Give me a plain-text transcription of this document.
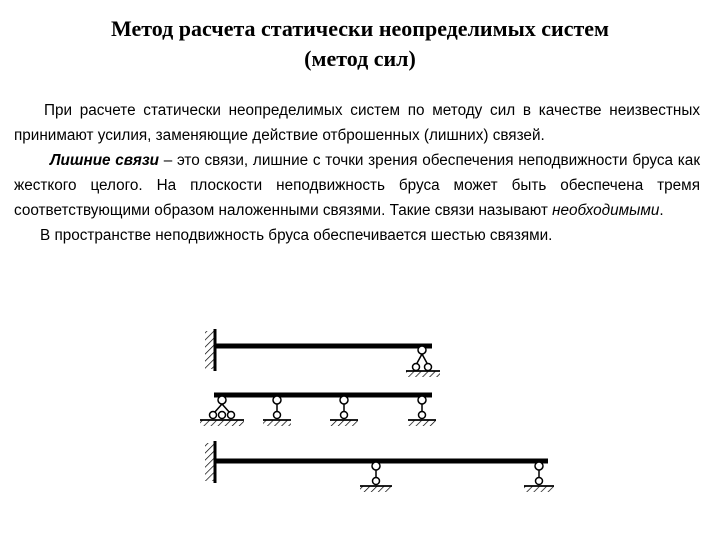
Метод расчета статически неопределимых систем
(метод сил)

При расчете статически неопределимых систем по методу сил в качестве неизвестных принимают усилия, заменяющие действие отброшенных (лишних) связей.

Лишние связи – это связи, лишние с точки зрения обеспечения неподвижности бруса как жесткого целого. На плоскости неподвижность бруса может быть обеспечена тремя соответствующими образом наложенными связями. Такие связи называют необходимыми.

В пространстве неподвижность бруса обеспечивается шестью связями.
